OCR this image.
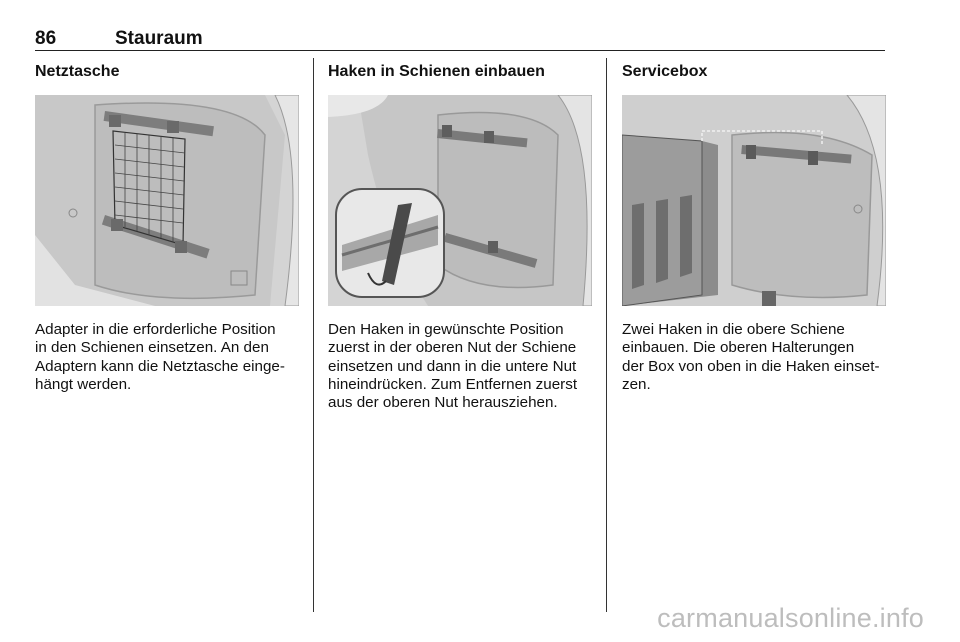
86	Stauraum
Netztasche
Adapter in die erforderliche Position
in den Schienen einsetzen. An den
Adaptern kann die Netztasche einge-
hängt werden.
Haken in Schienen einbauen
Den Haken in gewünschte Position
zuerst in der oberen Nut der Schiene
einsetzen und dann in die untere Nut
hineindrücken. Zum Entfernen zuerst
aus der oberen Nut herausziehen.
Servicebox
Zwei Haken in die obere Schiene
einbauen. Die oberen Halterungen
der Box von oben in die Haken einset-
zen.
carmanualsonline.info
